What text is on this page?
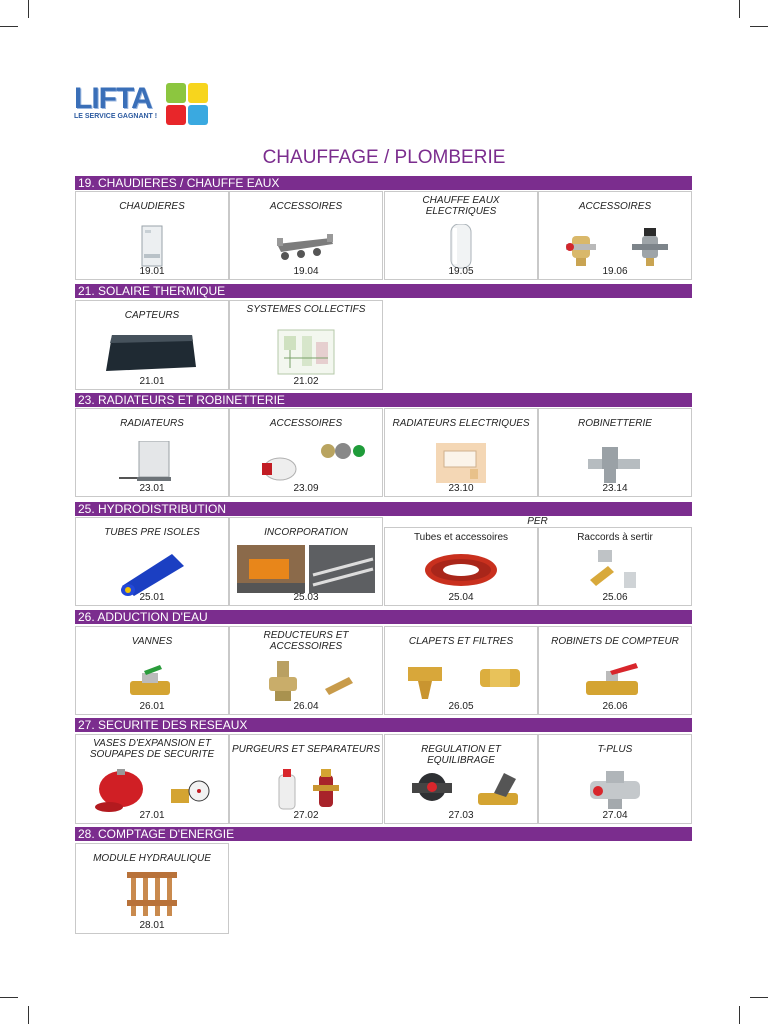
LIFTA
LE SERVICE GAGNANT !
CHAUFFAGE / PLOMBERIE
19. CHAUDIERES / CHAUFFE EAUX
CHAUDIERES
19.01
ACCESSOIRES
19.04
CHAUFFE EAUX ELECTRIQUES
19.05
ACCESSOIRES
19.06
21. SOLAIRE THERMIQUE
CAPTEURS
21.01
SYSTEMES COLLECTIFS
21.02
23. RADIATEURS ET ROBINETTERIE
RADIATEURS
23.01
ACCESSOIRES
23.09
RADIATEURS ELECTRIQUES
23.10
ROBINETTERIE
23.14
25. HYDRODISTRIBUTION
PER
TUBES PRE ISOLES
25.01
INCORPORATION
25.03
Tubes et accessoires
25.04
Raccords à sertir
25.06
26. ADDUCTION D'EAU
VANNES
26.01
REDUCTEURS ET ACCESSOIRES
26.04
CLAPETS ET FILTRES
26.05
ROBINETS DE COMPTEUR
26.06
27. SECURITE DES RESEAUX
VASES D'EXPANSION ET SOUPAPES DE SECURITE
27.01
PURGEURS ET SEPARATEURS
27.02
REGULATION ET EQUILIBRAGE
27.03
T-PLUS
27.04
28. COMPTAGE D'ENERGIE
MODULE HYDRAULIQUE
28.01
